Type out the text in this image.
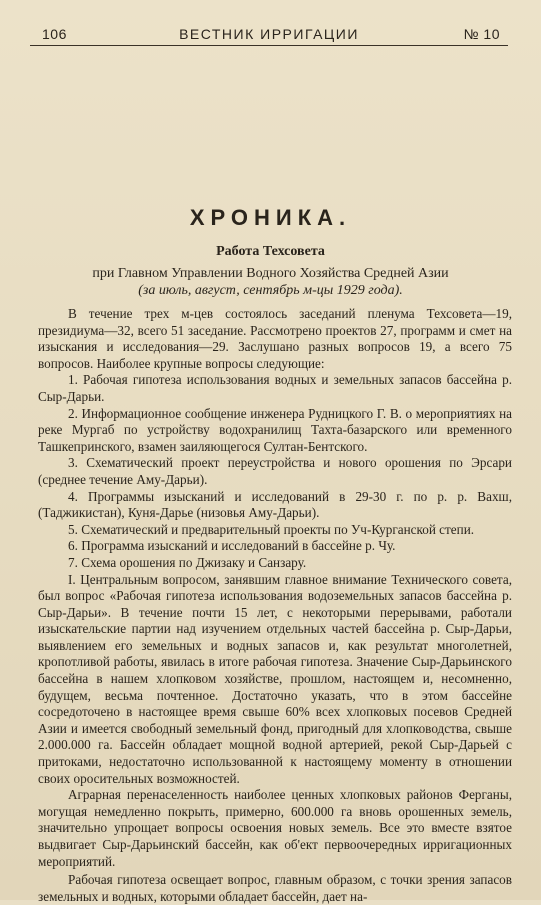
ВЕСТНИК ИРРИГАЦИИ
106	№ 10
ХРОНИКА.
Работа Техсовета
при Главном Управлении Водного Хозяйства Средней Азии
(за июль, август, сентябрь м-цы 1929 года).

В течение трех м-цев состоялось заседаний пленума Техсовета—19, президиума—32, всего 51 заседание. Рассмотрено проектов 27, программ и смет на изыскания и исследования—29. Заслушано разных вопросов 19, а всего 75 вопросов. Наиболее крупные вопросы следующие:

1. Рабочая гипотеза использования водных и земельных запасов бассейна р. Сыр-Дарьи.

2. Информационное сообщение инженера Рудницкого Г. В. о мероприятиях на реке Мургаб по устройству водохранилищ Тахта-базарского или временного Ташкепринского, взамен заиляющегося Султан-Бентского.

3. Схематический проект переустройства и нового орошения по Эрсари (среднее течение Аму-Дарьи).

4. Программы изысканий и исследований в 29-30 г. по р. р. Вахш, (Таджикистан), Куня-Дарье (низовья Аму-Дарьи).

5. Схематический и предварительный проекты по Уч-Курганской степи.

6. Программа изысканий и исследований в бассейне р. Чу.

7. Схема орошения по Джизаку и Санзару.

I. Центральным вопросом, занявшим главное внимание Технического совета, был вопрос «Рабочая гипотеза использования водоземельных запасов бассейна р. Сыр-Дарьи». В течение почти 15 лет, с некоторыми перерывами, работали изыскательские партии над изучением отдельных частей бассейна р. Сыр-Дарьи, выявлением его земельных и водных запасов и, как результат многолетней, кропотливой работы, явилась в итоге рабочая гипотеза. Значение Сыр-Дарьинского бассейна в нашем хлопковом хозяйстве, прошлом, настоящем и, несомненно, будущем, весьма почтенное. Достаточно указать, что в этом бассейне сосредоточено в настоящее время свыше 60% всех хлопковых посевов Средней Азии и имеется свободный земельный фонд, пригодный для хлопководства, свыше 2.000.000 га. Бассейн обладает мощной водной артерией, рекой Сыр-Дарьей с притоками, недостаточно использованной к настоящему моменту в отношении своих оросительных возможностей.

Аграрная перенаселенность наиболее ценных хлопковых районов Ферганы, могущая немедленно покрыть, примерно, 600.000 га вновь орошенных земель, значительно упрощает вопросы освоения новых земель. Все это вместе взятое выдвигает Сыр-Дарьинский бассейн, как об'ект первоочередных ирригационных мероприятий.

Рабочая гипотеза освещает вопрос, главным образом, с точки зрения запасов земельных и водных, которыми обладает бассейн, дает на-
